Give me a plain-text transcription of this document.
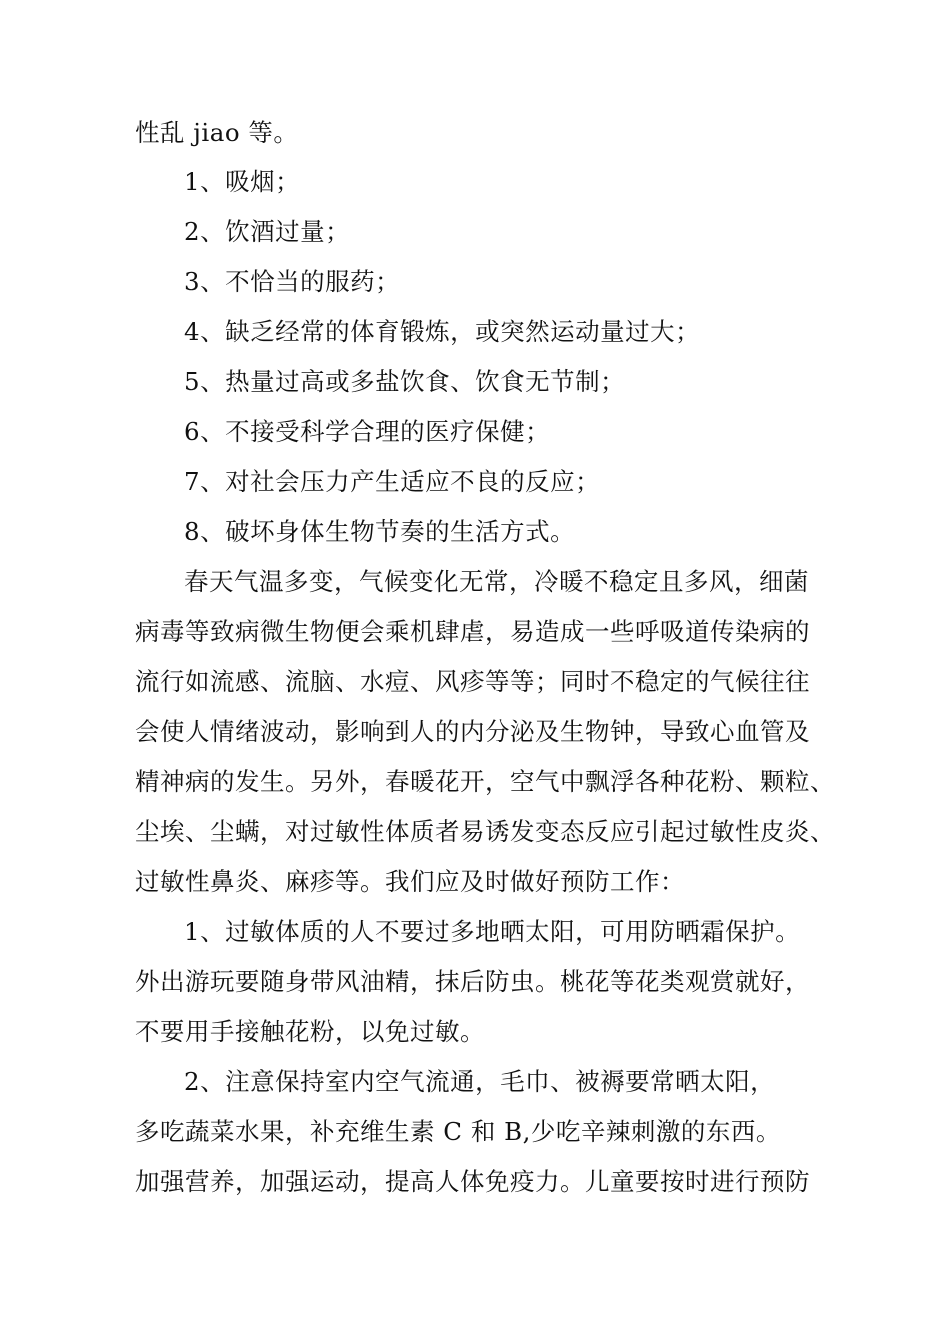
性乱 jiao 等。
1、吸烟；
2、饮酒过量；
3、不恰当的服药；
4、缺乏经常的体育锻炼，或突然运动量过大；
5、热量过高或多盐饮食、饮食无节制；
6、不接受科学合理的医疗保健；
7、对社会压力产生适应不良的反应；
8、破坏身体生物节奏的生活方式。
春天气温多变，气候变化无常，冷暖不稳定且多风，细菌
病毒等致病微生物便会乘机肆虐，易造成一些呼吸道传染病的
流行如流感、流脑、水痘、风疹等等；同时不稳定的气候往往
会使人情绪波动，影响到人的内分泌及生物钟，导致心血管及
精神病的发生。另外，春暖花开，空气中飘浮各种花粉、颗粒、
尘埃、尘螨，对过敏性体质者易诱发变态反应引起过敏性皮炎、
过敏性鼻炎、麻疹等。我们应及时做好预防工作：
1、过敏体质的人不要过多地晒太阳，可用防晒霜保护。
外出游玩要随身带风油精，抹后防虫。桃花等花类观赏就好，
不要用手接触花粉，以免过敏。
2、注意保持室内空气流通，毛巾、被褥要常晒太阳，
多吃蔬菜水果，补充维生素 C 和 B,少吃辛辣刺激的东西。
加强营养，加强运动，提高人体免疫力。儿童要按时进行预防
